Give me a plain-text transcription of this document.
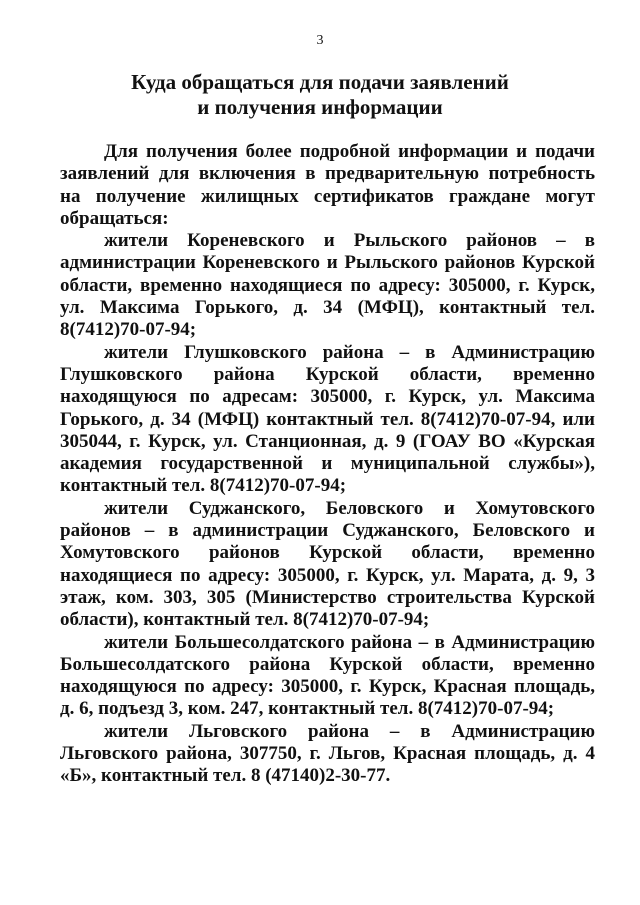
3
Куда обращаться для подачи заявлений
и получения информации

Для получения более подробной информации и подачи заявлений для включения в предварительную потребность на получение жилищных сертификатов граждане могут обращаться:

жители Кореневского и Рыльского районов – в администрации Кореневского и Рыльского районов Курской области, временно находящиеся по адресу: 305000, г. Курск, ул. Максима Горького, д. 34 (МФЦ), контактный тел. 8(7412)70-07-94;

жители Глушковского района – в Администрацию Глушковского района Курской области, временно находящуюся по адресам: 305000, г. Курск, ул. Максима Горького, д. 34 (МФЦ) контактный тел. 8(7412)70-07-94, или 305044, г. Курск, ул. Станционная, д. 9 (ГОАУ ВО «Курская академия государственной и муниципальной службы»), контактный тел. 8(7412)70-07-94;

жители Суджанского, Беловского и Хомутовского районов – в администрации Суджанского, Беловского и Хомутовского районов Курской области, временно находящиеся по адресу: 305000, г. Курск, ул. Марата, д. 9, 3 этаж, ком. 303, 305 (Министерство строительства Курской области), контактный тел. 8(7412)70-07-94;

жители Большесолдатского района – в Администрацию Большесолдатского района Курской области, временно находящуюся по адресу: 305000, г. Курск, Красная площадь, д. 6, подъезд 3, ком. 247, контактный тел. 8(7412)70-07-94;

жители Льговского района – в Администрацию Льговского района, 307750, г. Льгов, Красная площадь, д. 4 «Б», контактный тел. 8 (47140)2-30-77.
